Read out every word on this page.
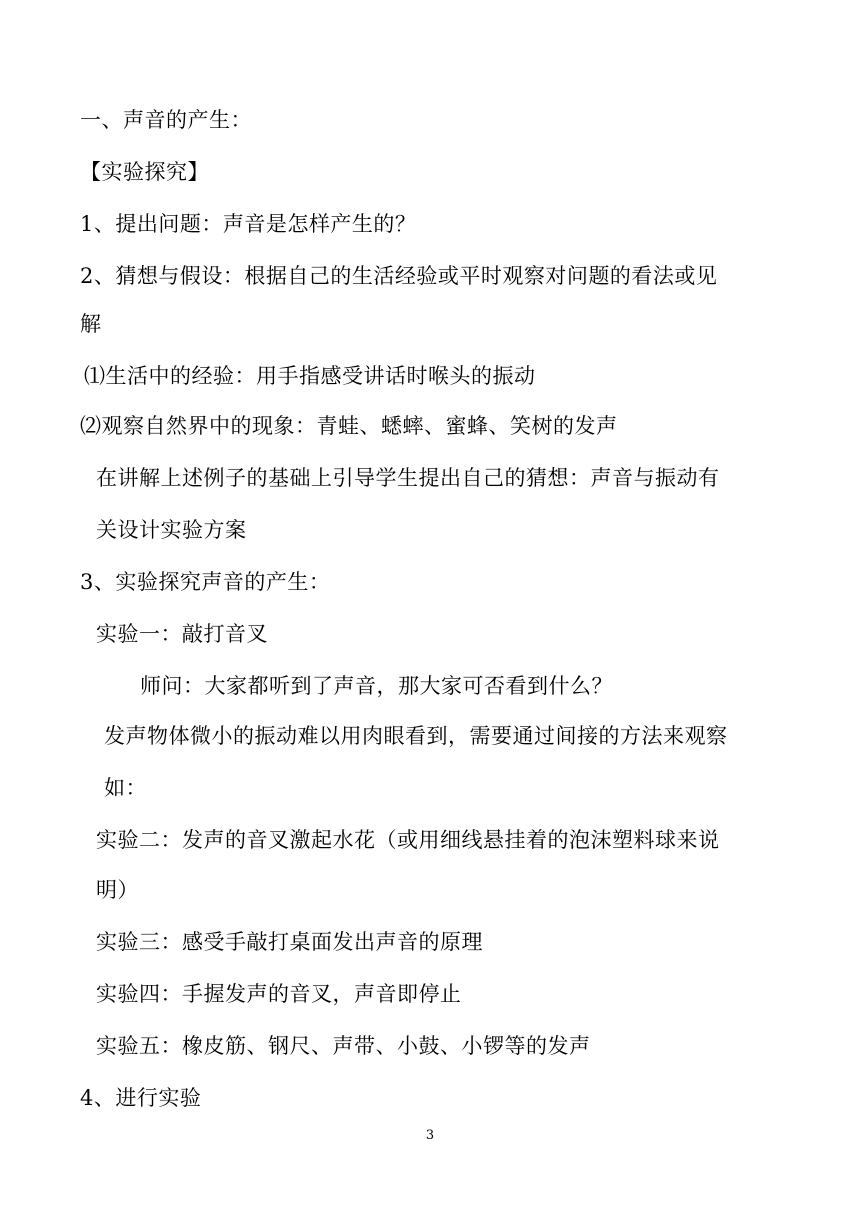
一、声音的产生：
【实验探究】
1、提出问题：声音是怎样产生的？
2、猜想与假设：根据自己的生活经验或平时观察对问题的看法或见
解
⑴生活中的经验：用手指感受讲话时喉头的振动
⑵观察自然界中的现象：青蛙、蟋蟀、蜜蜂、笑树的发声
在讲解上述例子的基础上引导学生提出自己的猜想：声音与振动有
关设计实验方案
3、实验探究声音的产生：
实验一：敲打音叉
师问：大家都听到了声音，那大家可否看到什么？
发声物体微小的振动难以用肉眼看到，需要通过间接的方法来观察
如：
实验二：发声的音叉激起水花（或用细线悬挂着的泡沫塑料球来说
明）
实验三：感受手敲打桌面发出声音的原理
实验四：手握发声的音叉，声音即停止
实验五：橡皮筋、钢尺、声带、小鼓、小锣等的发声
4、进行实验
3
